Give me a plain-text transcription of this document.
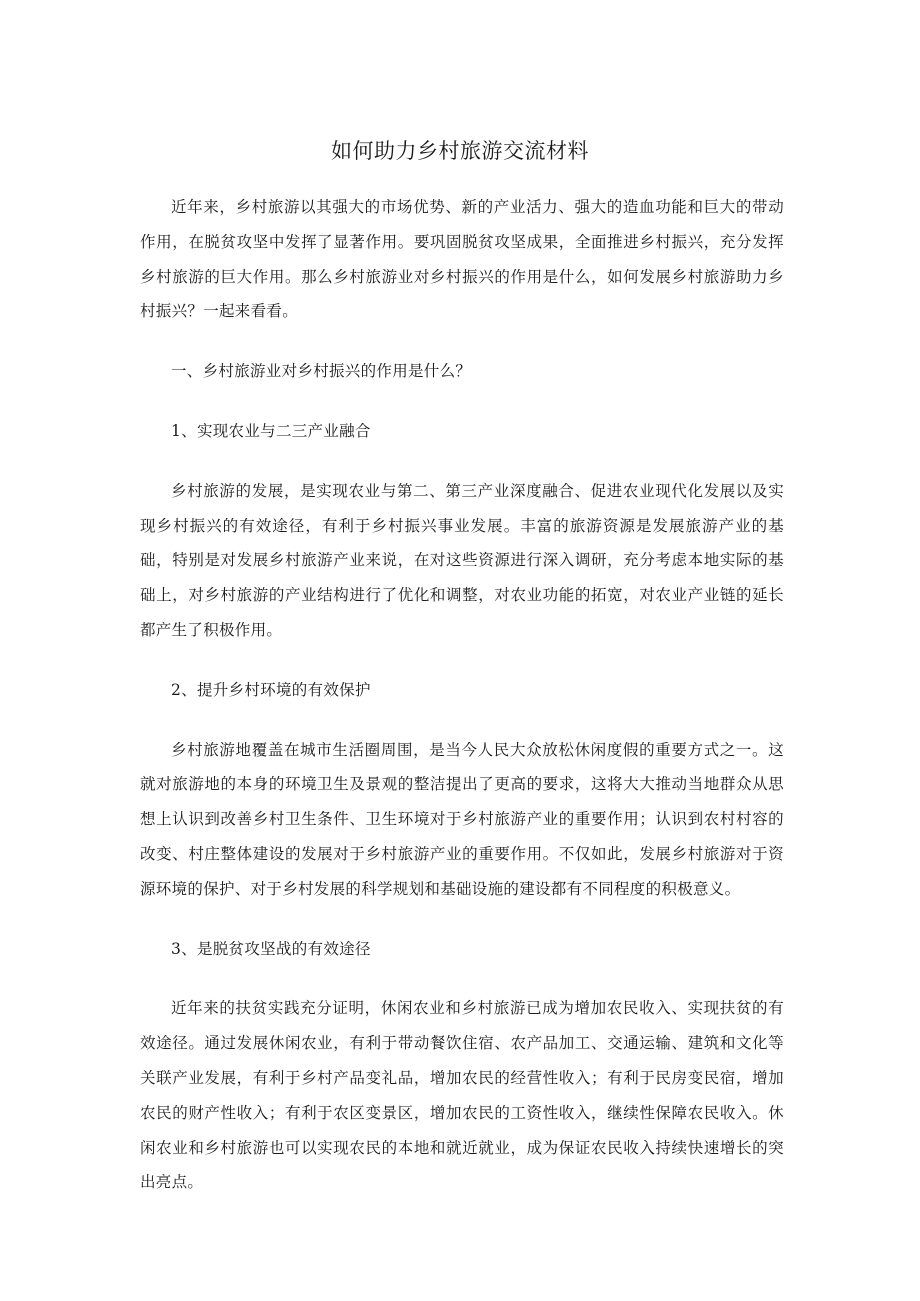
如何助力乡村旅游交流材料

近年来，乡村旅游以其强大的市场优势、新的产业活力、强大的造血功能和巨大的带动作用，在脱贫攻坚中发挥了显著作用。要巩固脱贫攻坚成果，全面推进乡村振兴，充分发挥乡村旅游的巨大作用。那么乡村旅游业对乡村振兴的作用是什么，如何发展乡村旅游助力乡村振兴？一起来看看。

一、乡村旅游业对乡村振兴的作用是什么？

1、实现农业与二三产业融合

乡村旅游的发展，是实现农业与第二、第三产业深度融合、促进农业现代化发展以及实现乡村振兴的有效途径，有利于乡村振兴事业发展。丰富的旅游资源是发展旅游产业的基础，特别是对发展乡村旅游产业来说，在对这些资源进行深入调研，充分考虑本地实际的基础上，对乡村旅游的产业结构进行了优化和调整，对农业功能的拓宽，对农业产业链的延长都产生了积极作用。

2、提升乡村环境的有效保护

乡村旅游地覆盖在城市生活圈周围，是当今人民大众放松休闲度假的重要方式之一。这就对旅游地的本身的环境卫生及景观的整洁提出了更高的要求，这将大大推动当地群众从思想上认识到改善乡村卫生条件、卫生环境对于乡村旅游产业的重要作用；认识到农村村容的改变、村庄整体建设的发展对于乡村旅游产业的重要作用。不仅如此，发展乡村旅游对于资源环境的保护、对于乡村发展的科学规划和基础设施的建设都有不同程度的积极意义。

3、是脱贫攻坚战的有效途径

近年来的扶贫实践充分证明，休闲农业和乡村旅游已成为增加农民收入、实现扶贫的有效途径。通过发展休闲农业，有利于带动餐饮住宿、农产品加工、交通运输、建筑和文化等关联产业发展，有利于乡村产品变礼品，增加农民的经营性收入；有利于民房变民宿，增加农民的财产性收入；有利于农区变景区，增加农民的工资性收入，继续性保障农民收入。休闲农业和乡村旅游也可以实现农民的本地和就近就业，成为保证农民收入持续快速增长的突出亮点。
